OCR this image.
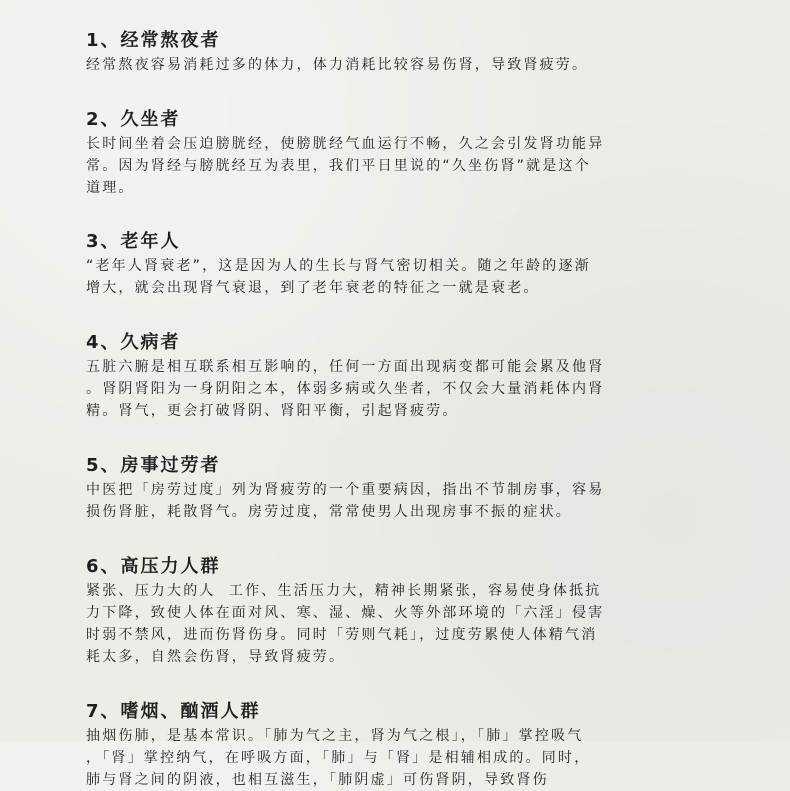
1、经常熬夜者

经常熬夜容易消耗过多的体力，体力消耗比较容易伤肾，导致肾疲劳。

2、久坐者

长时间坐着会压迫膀胱经，使膀胱经气血运行不畅，久之会引发肾功能异
常。因为肾经与膀胱经互为表里，我们平日里说的“久坐伤肾”就是这个
道理。

3、老年人

“老年人肾衰老”，这是因为人的生长与肾气密切相关。随之年龄的逐渐
增大，就会出现肾气衰退，到了老年衰老的特征之一就是衰老。

4、久病者

五脏六腑是相互联系相互影响的，任何一方面出现病变都可能会累及他肾
。肾阴肾阳为一身阴阳之本，体弱多病或久坐者，不仅会大量消耗体内肾
精。肾气，更会打破肾阴、肾阳平衡，引起肾疲劳。

5、房事过劳者

中医把「房劳过度」列为肾疲劳的一个重要病因，指出不节制房事，容易
损伤肾脏，耗散肾气。房劳过度，常常使男人出现房事不振的症状。

6、高压力人群

紧张、压力大的人  工作、生活压力大，精神长期紧张，容易使身体抵抗
力下降，致使人体在面对风、寒、湿、燥、火等外部环境的「六淫」侵害
时弱不禁风，进而伤肾伤身。同时「劳则气耗」，过度劳累使人体精气消
耗太多，自然会伤肾，导致肾疲劳。

7、嗜烟、酗酒人群

抽烟伤肺，是基本常识。「肺为气之主，肾为气之根」，「肺」掌控吸气
，「肾」掌控纳气，在呼吸方面，「肺」与「肾」是相辅相成的。同时，
肺与肾之间的阴液，也相互滋生，「肺阴虚」可伤肾阴，导致肾伤
